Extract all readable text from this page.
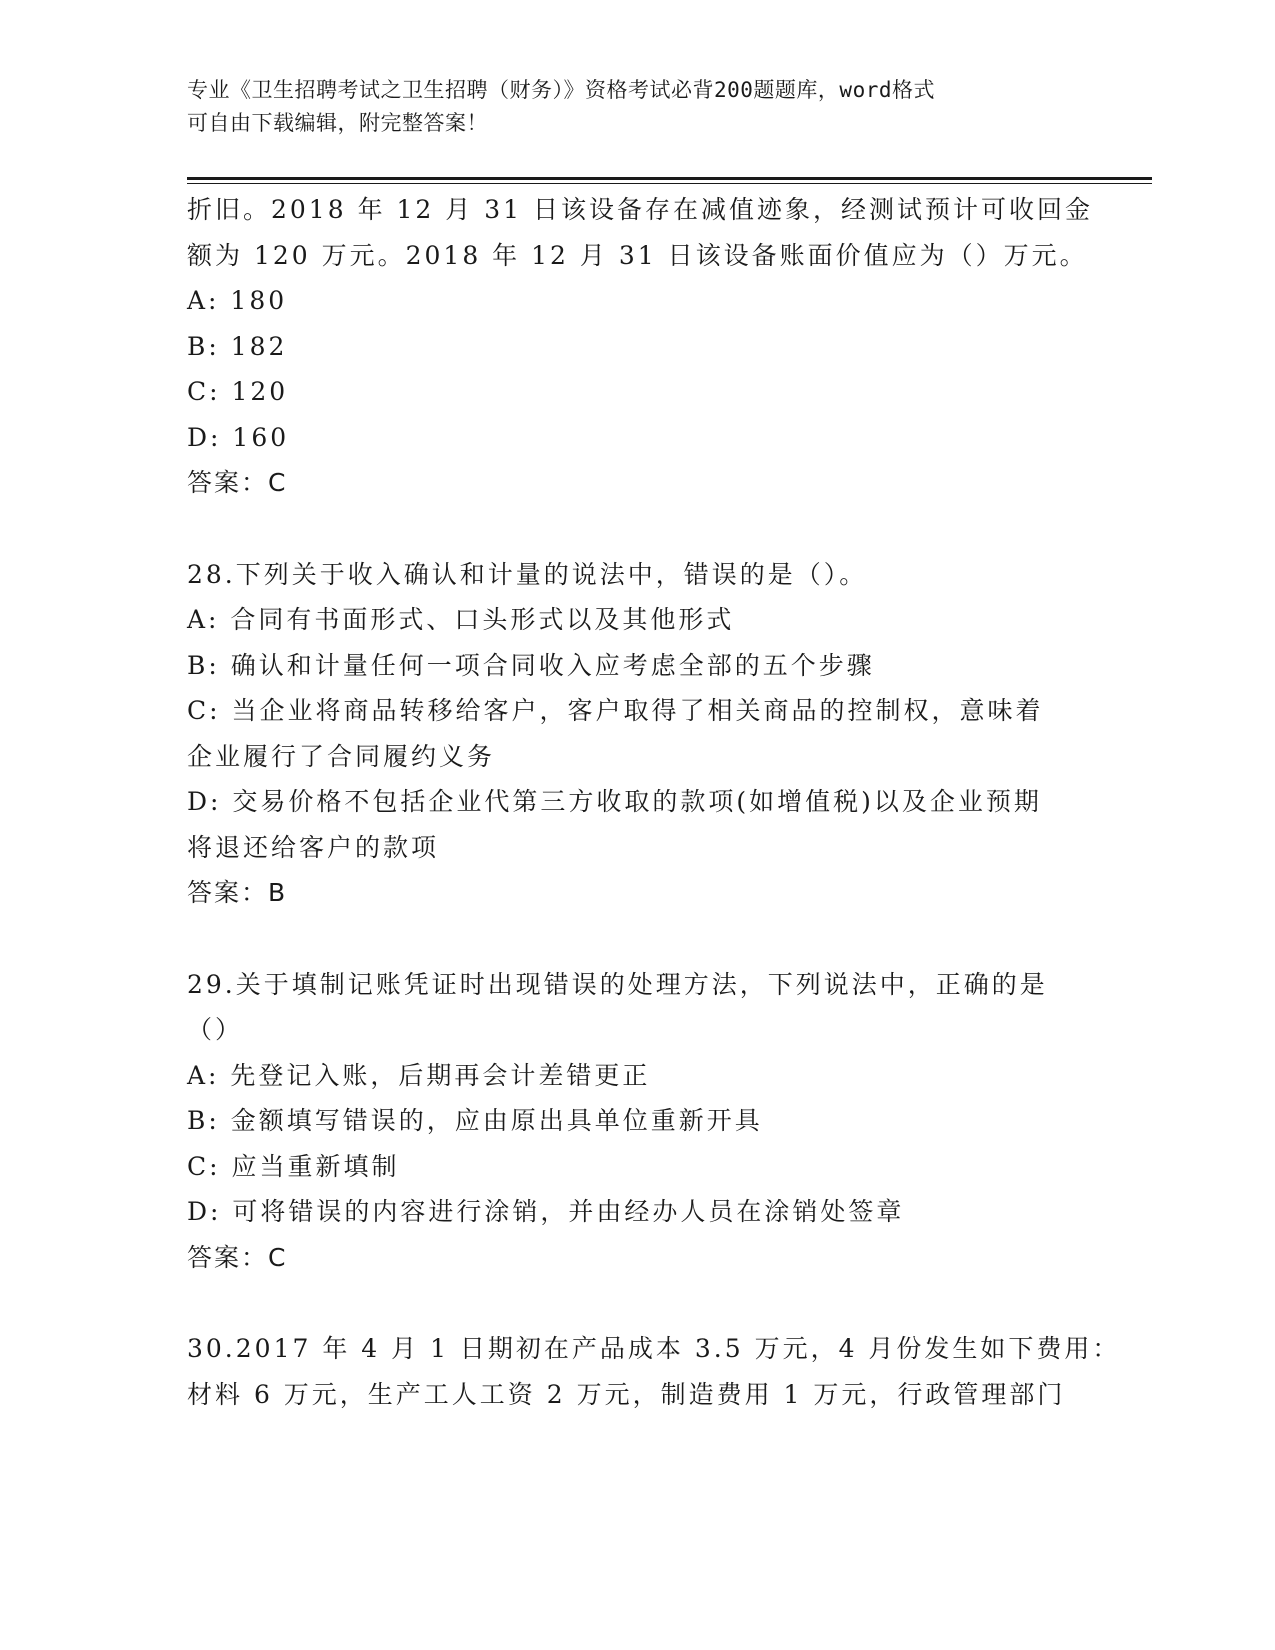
专业《卫生招聘考试之卫生招聘（财务）》资格考试必背200题题库，word格式
可自由下载编辑，附完整答案！
折旧。2018 年 12 月 31 日该设备存在减值迹象，经测试预计可收回金
额为 120 万元。2018 年 12 月 31 日该设备账面价值应为（）万元。
A: 180
B: 182
C: 120
D: 160
答案：C
28.下列关于收入确认和计量的说法中，错误的是（）。
A: 合同有书面形式、口头形式以及其他形式
B: 确认和计量任何一项合同收入应考虑全部的五个步骤
C: 当企业将商品转移给客户，客户取得了相关商品的控制权，意味着
企业履行了合同履约义务
D: 交易价格不包括企业代第三方收取的款项(如增值税)以及企业预期
将退还给客户的款项
答案：B
29.关于填制记账凭证时出现错误的处理方法，下列说法中，正确的是
（）
A: 先登记入账，后期再会计差错更正
B: 金额填写错误的，应由原出具单位重新开具
C: 应当重新填制
D: 可将错误的内容进行涂销，并由经办人员在涂销处签章
答案：C
30.2017 年 4 月 1 日期初在产品成本 3.5 万元，4 月份发生如下费用：
材料 6 万元，生产工人工资 2 万元，制造费用 1 万元，行政管理部门
